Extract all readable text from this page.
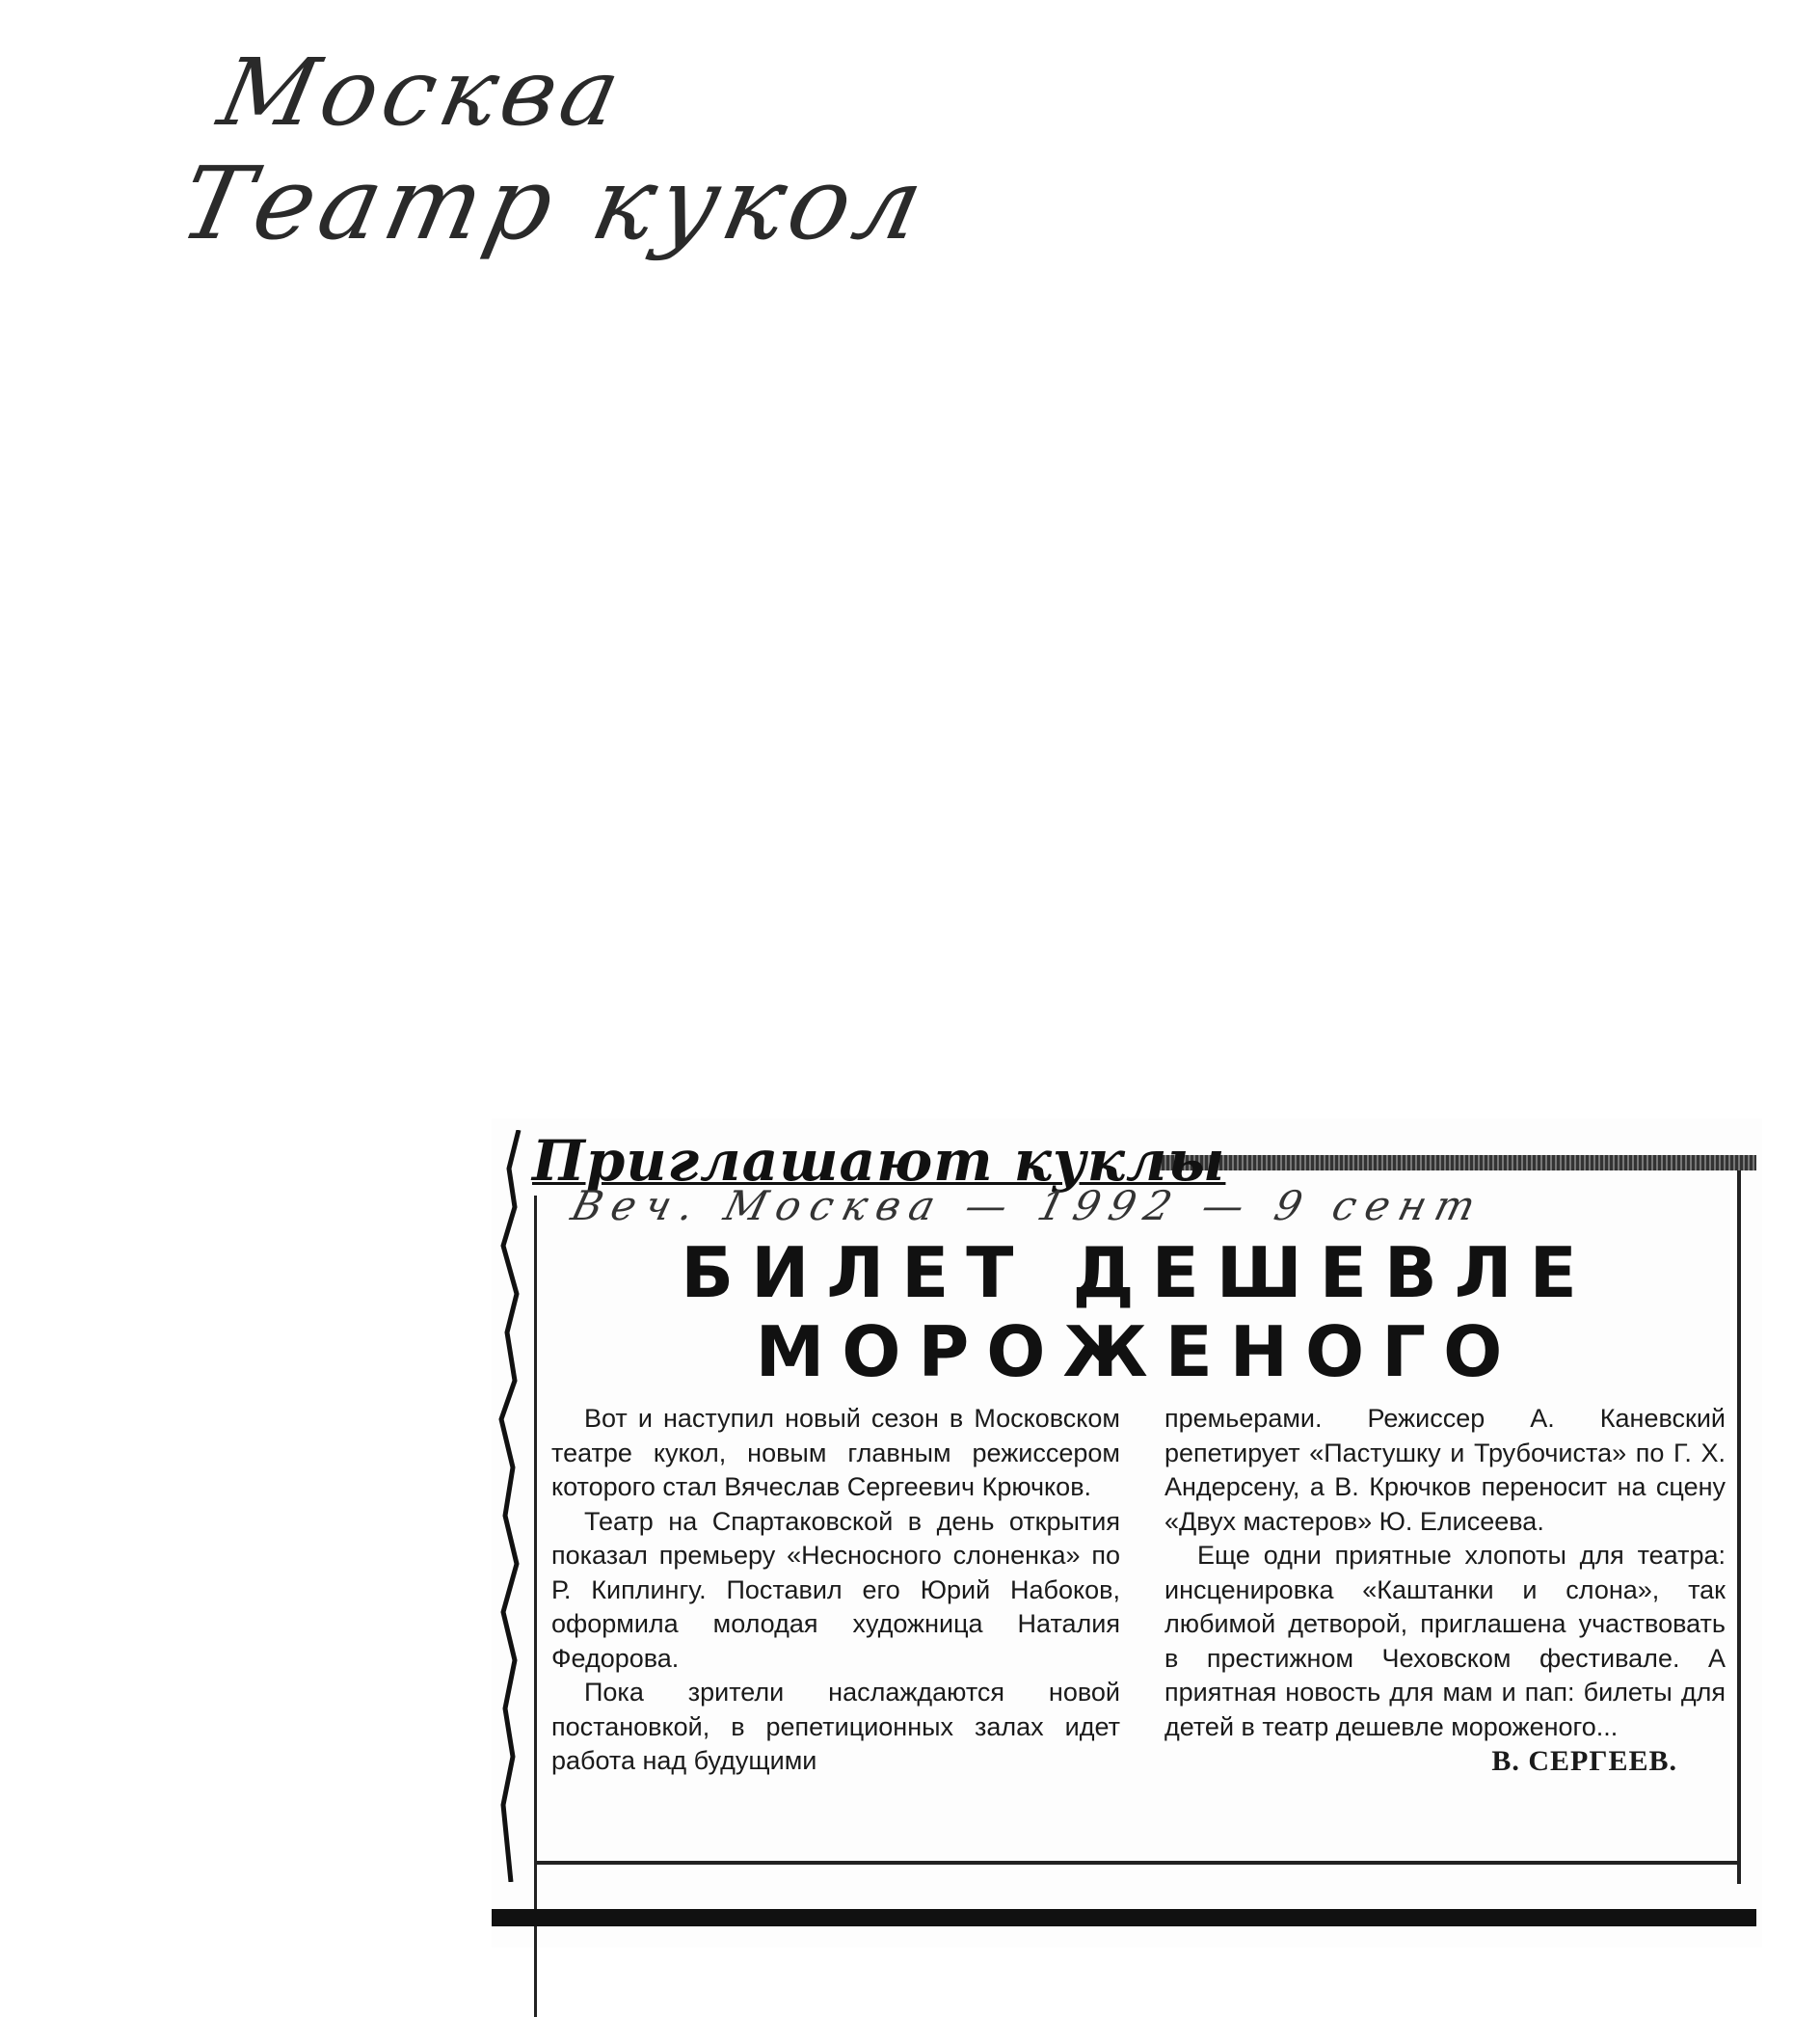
Москва
Театр кукол
Приглашают куклы
Веч. Москва — 1992 — 9 сент
БИЛЕТ ДЕШЕВЛЕ
МОРОЖЕНОГО

Вот и наступил новый сезон в Московском театре кукол, новым главным режиссером которого стал Вячеслав Сергеевич Крючков.

Театр на Спартаковской в день открытия показал премьеру «Несносного слоненка» по Р. Киплингу. Поставил его Юрий Набоков, оформила молодая художница Наталия Федорова.

Пока зрители наслаждаются новой постановкой, в репетиционных залах идет работа над будущими

премьерами. Режиссер А. Каневский репетирует «Пастушку и Трубочиста» по Г. Х. Андерсену, а В. Крючков переносит на сцену «Двух мастеров» Ю. Елисеева.

Еще одни приятные хлопоты для театра: инсценировка «Каштанки и слона», так любимой детворой, приглашена участвовать в престижном Чеховском фестивале. А приятная новость для мам и пап: билеты для детей в театр дешевле мороженого...

В. СЕРГЕЕВ.
